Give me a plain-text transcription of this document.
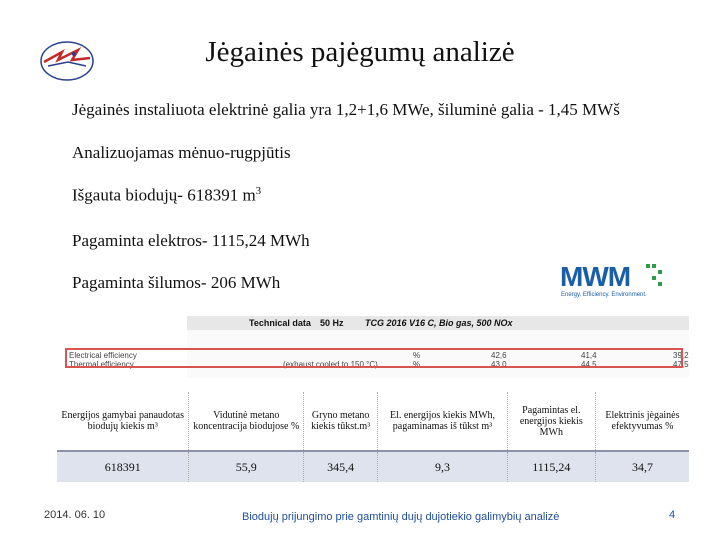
Jėgainės pajėgumų analizė
Jėgainės instaliuota elektrinė galia yra 1,2+1,6 MWe, šiluminė galia - 1,45 MWš
Analizuojamas mėnuo-rugpjūtis
Išgauta biodujų- 618391 $m^3$
Pagaminta elektros- 1115,24 MWh
Pagaminta šilumos- 206 MWh	MWM
Energy. Efficiency. Environment.
Technical data 50 Hz TCG 2016 V16 C, Bio gas, 500 NOx
Electrical efficiency	%	42,6	41,4	39,2
Thermal efficiency	(exhaust cooled to 150 °C)	%	43,0	44,5	47,5
Energijos gamybai panaudotas biodujų kiekis m³	Vidutinė metano koncentracija biodujose %	Gryno metano kiekis tūkst.m³	El. energijos kiekis MWh, pagaminamas iš tūkst m³	Pagamintas el. energijos kiekis MWh	Elektrinis jėgainės efektyvumas %
618391	55,9	345,4	9,3	1115,24	34,7
2014. 06. 10	Biodujų prijungimo prie gamtinių dujų dujotiekio galimybių analizė	4
